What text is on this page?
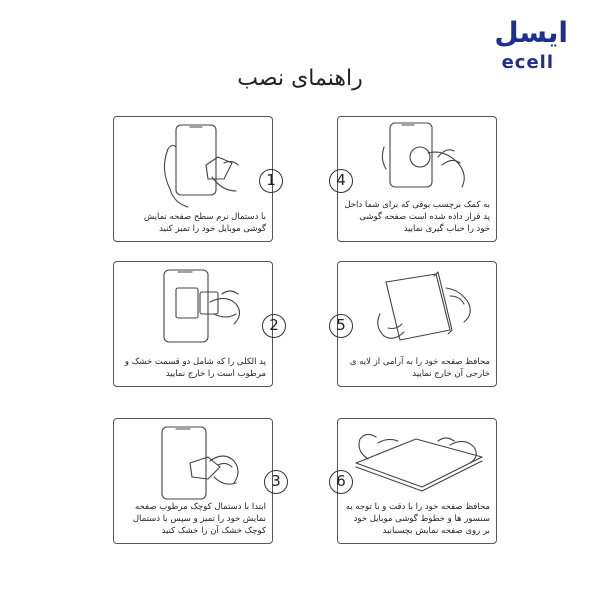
ایسل
ecell
راهنمای نصب
با دستمال نرم سطح صفحه نمایش گوشی موبایل خود را تمیز کنید
1
به کمک برچسب بوقی که برای شما داخل پد قرار داده شده است صفحه گوشی خود را حباب گیری نمایید
4
پد الکلی را که شامل دو قسمت خشک و مرطوب است را خارج نمایید
2
محافظ صفحه خود را به آرامی از لایه ی خارجی آن خارج نمایید
5
ابتدا با دستمال کوچک مرطوب صفحه نمایش خود را تمیز و سپس با دستمال کوچک خشک آن را خشک کنید
3
محافظ صفحه خود را با دقت و با توجه به سنسور ها و خطوط گوشی موبایل خود بر روی صفحه نمایش بچسبانید
6
